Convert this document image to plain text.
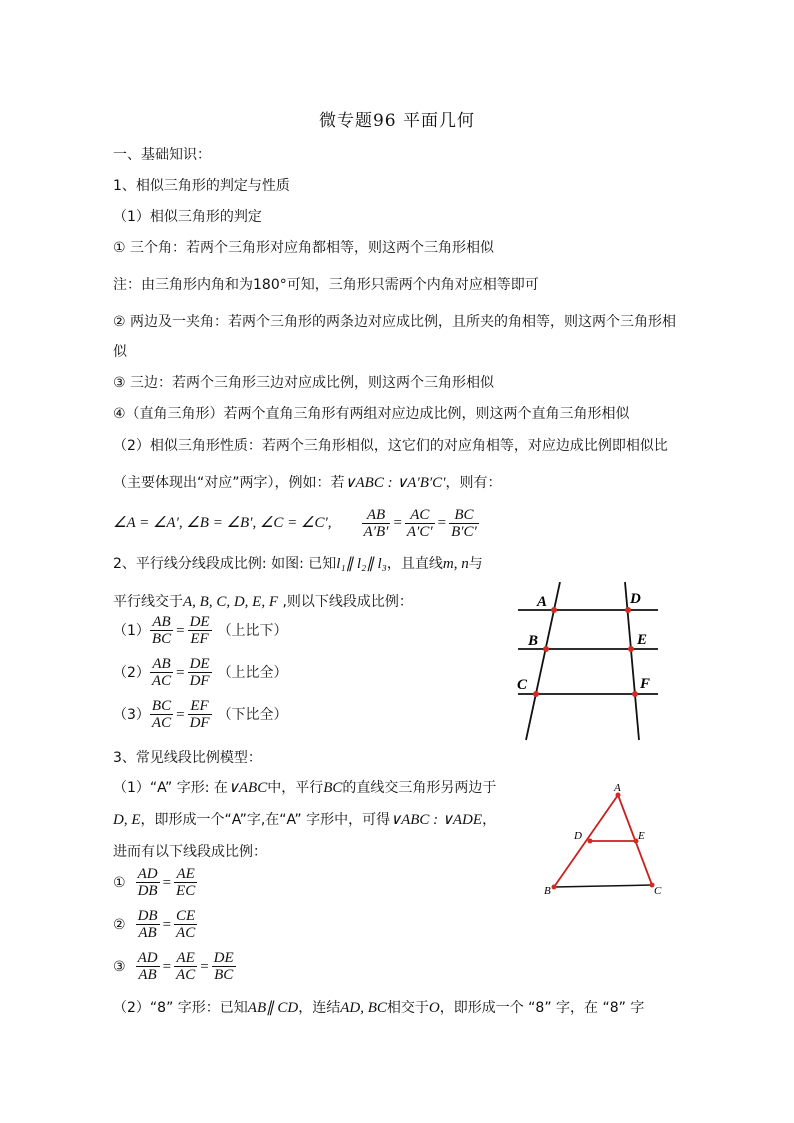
微专题96 平面几何
一、基础知识：
1、相似三角形的判定与性质
（1）相似三角形的判定
① 三个角：若两个三角形对应角都相等，则这两个三角形相似
注：由三角形内角和为180°可知，三角形只需两个内角对应相等即可
② 两边及一夹角：若两个三角形的两条边对应成比例，且所夹的角相等，则这两个三角形相
似
③ 三边：若两个三角形三边对应成比例，则这两个三角形相似
④（直角三角形）若两个直角三角形有两组对应边成比例，则这两个直角三角形相似
（2）相似三角形性质：若两个三角形相似，这它们的对应角相等，对应边成比例即相似比
（主要体现出“对应”两字），例如：若∨ABC : ∨A′B′C′，则有：
∠A = ∠A′, ∠B = ∠B′, ∠C = ∠C′, $\frac{AB}{A'B'} = \frac{AC}{A'C'} = \frac{BC}{B'C'}$
2、平行线分线段成比例: 如图: 已知l₁∥ l₂∥ l₃，且直线m, n与
平行线交于A, B, C, D, E, F ,则以下线段成比例：
$(1) \frac{AB}{BC} = \frac{DE}{EF}$ （上比下）
$(2) \frac{AB}{AC} = \frac{DE}{DF}$ （上比全）
$(3) \frac{BC}{AC} = \frac{EF}{DF}$ （下比全）
A
B
C
D
E
F
3、常见线段比例模型：
（1）“A” 字形: 在∨ABC中，平行BC的直线交三角形另两边于
D, E，即形成一个“A”字,在“A” 字形中，可得∨ABC : ∨ADE，
进而有以下线段成比例：
① $\frac{AD}{DB} = \frac{AE}{EC}$
② $\frac{DB}{AB} = \frac{CE}{AC}$
③ $\frac{AD}{AB} = \frac{AE}{AC} = \frac{DE}{BC}$
A
D	E
B	C
（2）“8” 字形：已知AB∥ CD，连结AD, BC相交于O，即形成一个 “8” 字，在 “8” 字
